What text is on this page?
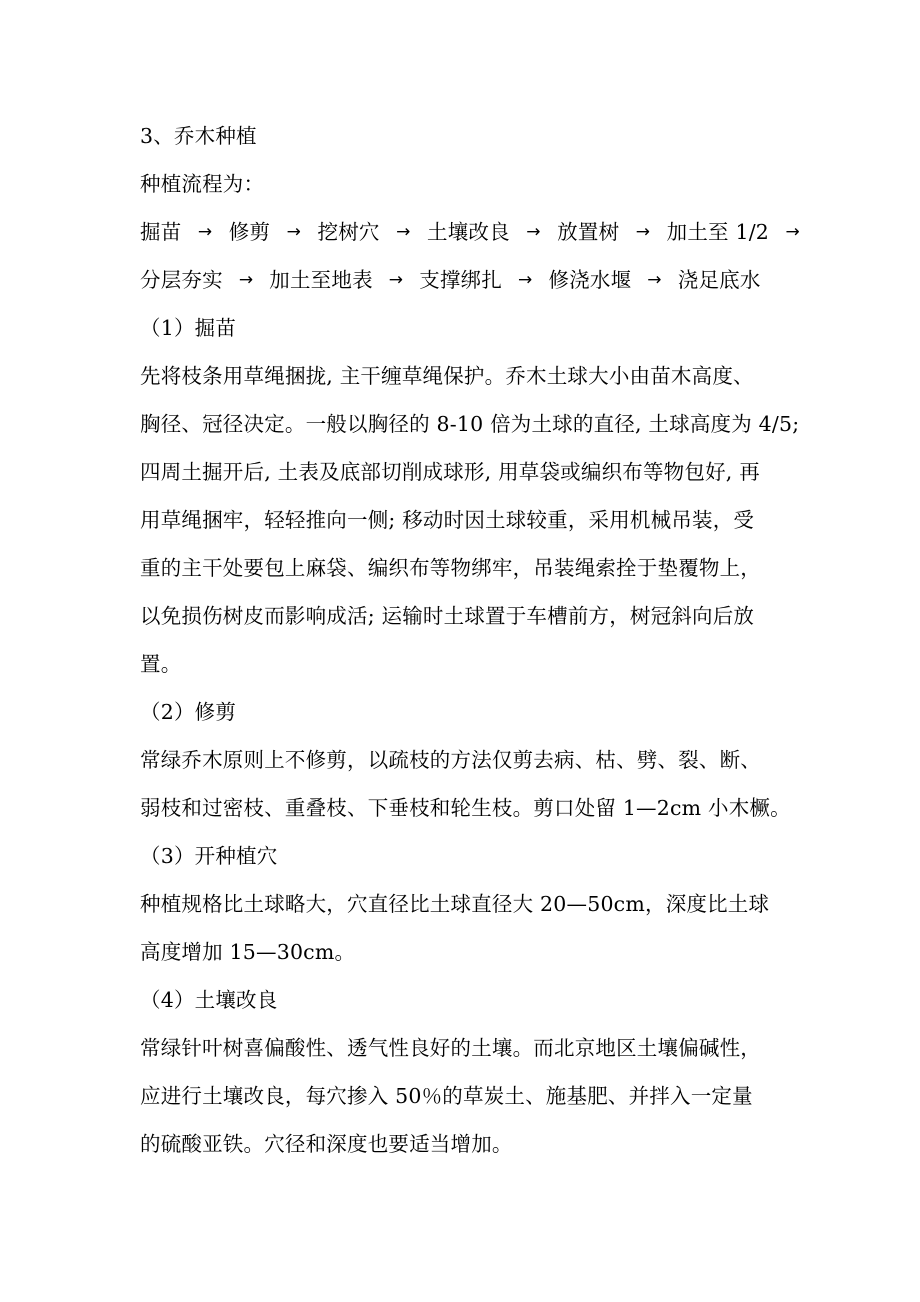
3、乔木种植
种植流程为：
掘苗 → 修剪 → 挖树穴 → 土壤改良 → 放置树 → 加土至 1/2 →
分层夯实 → 加土至地表 → 支撑绑扎 → 修浇水堰 → 浇足底水
（1）掘苗
先将枝条用草绳捆拢, 主干缠草绳保护。乔木土球大小由苗木高度、
胸径、冠径决定。一般以胸径的 8-10 倍为土球的直径, 土球高度为 4/5;
四周土掘开后, 土表及底部切削成球形, 用草袋或编织布等物包好, 再
用草绳捆牢，轻轻推向一侧; 移动时因土球较重，采用机械吊装，受
重的主干处要包上麻袋、编织布等物绑牢，吊装绳索拴于垫覆物上，
以免损伤树皮而影响成活; 运输时土球置于车槽前方，树冠斜向后放
置。
（2）修剪
常绿乔木原则上不修剪，以疏枝的方法仅剪去病、枯、劈、裂、断、
弱枝和过密枝、重叠枝、下垂枝和轮生枝。剪口处留 1—2cm 小木橛。
（3）开种植穴
种植规格比土球略大，穴直径比土球直径大 20—50cm，深度比土球
高度增加 15—30cm。
（4）土壤改良
常绿针叶树喜偏酸性、透气性良好的土壤。而北京地区土壤偏碱性，
应进行土壤改良，每穴掺入 50％的草炭土、施基肥、并拌入一定量
的硫酸亚铁。穴径和深度也要适当增加。
